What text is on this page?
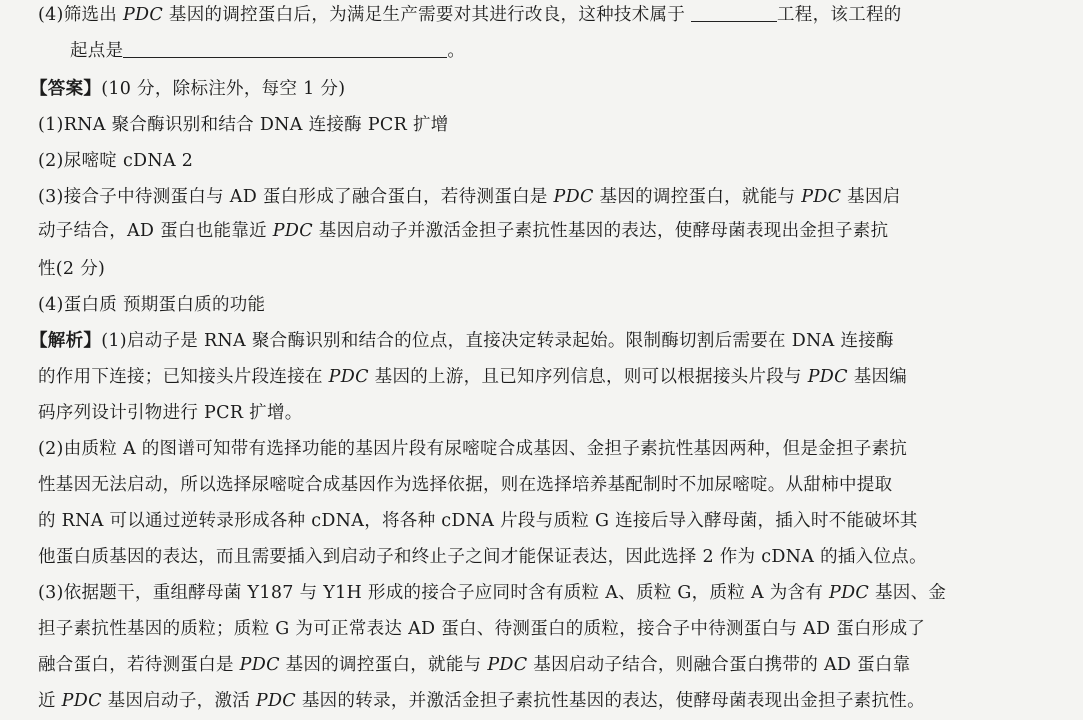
(4)筛选出 PDC 基因的调控蛋白后，为满足生产需要对其进行改良，这种技术属于	工程，该工程的
起点是	。
【答案】(10 分，除标注外，每空 1 分)
(1)RNA 聚合酶识别和结合 DNA 连接酶 PCR 扩增
(2)尿嘧啶 cDNA 2
(3)接合子中待测蛋白与 AD 蛋白形成了融合蛋白，若待测蛋白是 PDC 基因的调控蛋白，就能与 PDC 基因启
动子结合，AD 蛋白也能靠近 PDC 基因启动子并激活金担子素抗性基因的表达，使酵母菌表现出金担子素抗
性(2 分)
(4)蛋白质 预期蛋白质的功能
【解析】(1)启动子是 RNA 聚合酶识别和结合的位点，直接决定转录起始。限制酶切割后需要在 DNA 连接酶
的作用下连接；已知接头片段连接在 PDC 基因的上游，且已知序列信息，则可以根据接头片段与 PDC 基因编
码序列设计引物进行 PCR 扩增。
(2)由质粒 A 的图谱可知带有选择功能的基因片段有尿嘧啶合成基因、金担子素抗性基因两种，但是金担子素抗
性基因无法启动，所以选择尿嘧啶合成基因作为选择依据，则在选择培养基配制时不加尿嘧啶。从甜柿中提取
的 RNA 可以通过逆转录形成各种 cDNA，将各种 cDNA 片段与质粒 G 连接后导入酵母菌，插入时不能破坏其
他蛋白质基因的表达，而且需要插入到启动子和终止子之间才能保证表达，因此选择 2 作为 cDNA 的插入位点。
(3)依据题干，重组酵母菌 Y187 与 Y1H 形成的接合子应同时含有质粒 A、质粒 G，质粒 A 为含有 PDC 基因、金
担子素抗性基因的质粒；质粒 G 为可正常表达 AD 蛋白、待测蛋白的质粒，接合子中待测蛋白与 AD 蛋白形成了
融合蛋白，若待测蛋白是 PDC 基因的调控蛋白，就能与 PDC 基因启动子结合，则融合蛋白携带的 AD 蛋白靠
近 PDC 基因启动子，激活 PDC 基因的转录，并激活金担子素抗性基因的表达，使酵母菌表现出金担子素抗性。
